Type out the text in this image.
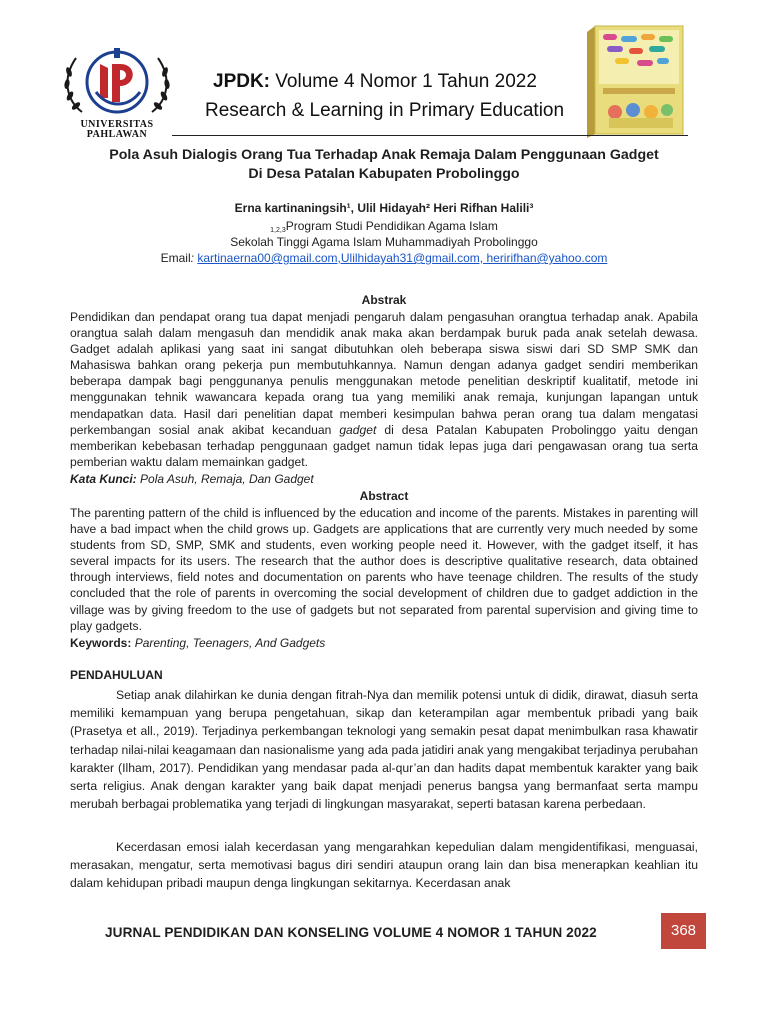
UNIVERSITAS
PAHLAWAN
JPDK: Volume 4 Nomor 1 Tahun 2022
Research & Learning in Primary Education
Pola Asuh Dialogis Orang Tua Terhadap Anak Remaja Dalam Penggunaan Gadget
Di Desa Patalan Kabupaten Probolinggo
Erna kartinaningsih¹, Ulil Hidayah² Heri Rifhan Halili³
$^{1,2,3}$Program Studi Pendidikan Agama Islam
Sekolah Tinggi Agama Islam Muhammadiyah Probolinggo
Email: kartinaerna00@gmail.com,Ulilhidayah31@gmail.com, heririfhan@yahoo.com
Abstrak
Pendidikan dan pendapat orang tua dapat menjadi pengaruh dalam pengasuhan orangtua terhadap anak. Apabila orangtua salah dalam mengasuh dan mendidik anak maka akan berdampak buruk pada anak setelah dewasa. Gadget adalah aplikasi yang saat ini sangat dibutuhkan oleh beberapa siswa siswi dari SD SMP SMK dan Mahasiswa bahkan orang pekerja pun membutuhkannya. Namun dengan adanya gadget sendiri memberikan beberapa dampak bagi penggunanya penulis menggunakan metode penelitian deskriptif kualitatif, metode ini menggunakan tehnik wawancara kepada orang tua yang memiliki anak remaja, kunjungan lapangan untuk mendapatkan data. Hasil dari penelitian dapat memberi kesimpulan bahwa peran orang tua dalam mengatasi perkembangan sosial anak akibat kecanduan gadget di desa Patalan Kabupaten Probolinggo yaitu dengan memberikan kebebasan terhadap penggunaan gadget namun tidak lepas juga dari pengawasan orang tua serta pemberian waktu dalam memainkan gadget.
Kata Kunci: Pola Asuh, Remaja, Dan Gadget
Abstract
The parenting pattern of the child is influenced by the education and income of the parents. Mistakes in parenting will have a bad impact when the child grows up. Gadgets are applications that are currently very much needed by some students from SD, SMP, SMK and students, even working people need it. However, with the gadget itself, it has several impacts for its users. The research that the author does is descriptive qualitative research, data obtained through interviews, field notes and documentation on parents who have teenage children. The results of the study concluded that the role of parents in overcoming the social development of children due to gadget addiction in the village was by giving freedom to the use of gadgets but not separated from parental supervision and giving time to play gadgets.
Keywords: Parenting, Teenagers, And Gadgets
PENDAHULUAN
Setiap anak dilahirkan ke dunia dengan fitrah-Nya dan memilik potensi untuk di didik, dirawat, diasuh serta memiliki kemampuan yang berupa pengetahuan, sikap dan keterampilan agar membentuk pribadi yang baik (Prasetya et all., 2019). Terjadinya perkembangan teknologi yang semakin pesat dapat menimbulkan rasa khawatir terhadap nilai-nilai keagamaan dan nasionalisme yang ada pada jatidiri anak yang mengakibat terjadinya perubahan karakter (Ilham, 2017). Pendidikan yang mendasar pada al-qur’an dan hadits dapat membentuk karakter yang baik serta religius. Anak dengan karakter yang baik dapat menjadi penerus bangsa yang bermanfaat serta mampu merubah berbagai problematika yang terjadi di lingkungan masyarakat, seperti batasan karena perbedaan.
Kecerdasan emosi ialah kecerdasan yang mengarahkan kepedulian dalam mengidentifikasi, menguasai, merasakan, mengatur, serta memotivasi bagus diri sendiri ataupun orang lain dan bisa menerapkan keahlian itu dalam kehidupan pribadi maupun denga lingkungan sekitarnya. Kecerdasan anak
JURNAL PENDIDIKAN DAN KONSELING VOLUME 4 NOMOR 1 TAHUN 2022	368
